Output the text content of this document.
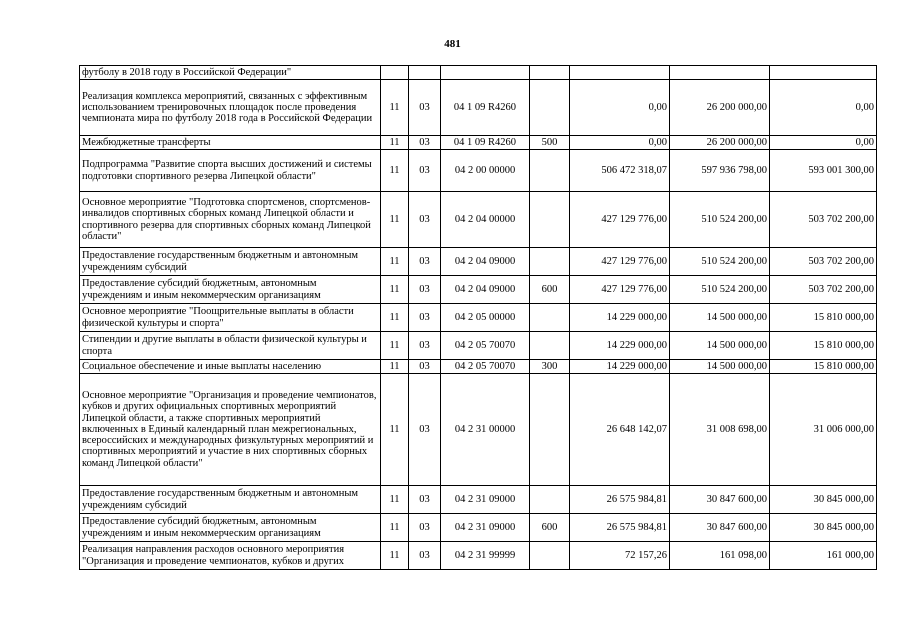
481
футболу в 2018 году в Российской Федерации"							
Реализация комплекса мероприятий, связанных с эффективным использованием тренировочных площадок после проведения чемпионата мира по футболу 2018 года в Российской Федерации	11	03	04 1 09 R4260		0,00	26 200 000,00	0,00
Межбюджетные трансферты	11	03	04 1 09 R4260	500	0,00	26 200 000,00	0,00
Подпрограмма "Развитие спорта высших достижений и системы подготовки спортивного резерва Липецкой области"	11	03	04 2 00 00000		506 472 318,07	597 936 798,00	593 001 300,00
Основное мероприятие "Подготовка спортсменов, спортсменов-инвалидов спортивных сборных команд Липецкой области и спортивного резерва для спортивных сборных команд Липецкой области"	11	03	04 2 04 00000		427 129 776,00	510 524 200,00	503 702 200,00
Предоставление государственным бюджетным и автономным учреждениям субсидий	11	03	04 2 04 09000		427 129 776,00	510 524 200,00	503 702 200,00
Предоставление субсидий бюджетным, автономным учреждениям и иным некоммерческим организациям	11	03	04 2 04 09000	600	427 129 776,00	510 524 200,00	503 702 200,00
Основное мероприятие "Поощрительные выплаты в области физической культуры и спорта"	11	03	04 2 05 00000		14 229 000,00	14 500 000,00	15 810 000,00
Стипендии и другие выплаты в области физической культуры и спорта	11	03	04 2 05 70070		14 229 000,00	14 500 000,00	15 810 000,00
Социальное обеспечение и иные выплаты населению	11	03	04 2 05 70070	300	14 229 000,00	14 500 000,00	15 810 000,00
Основное мероприятие "Организация и проведение чемпионатов, кубков и других официальных спортивных мероприятий Липецкой области, а также спортивных мероприятий включенных в Единый календарный план межрегиональных, всероссийских и международных физкультурных мероприятий и спортивных мероприятий и участие в них спортивных сборных команд Липецкой области"	11	03	04 2 31 00000		26 648 142,07	31 008 698,00	31 006 000,00
Предоставление государственным бюджетным и автономным учреждениям субсидий	11	03	04 2 31 09000		26 575 984,81	30 847 600,00	30 845 000,00
Предоставление субсидий бюджетным, автономным учреждениям и иным некоммерческим организациям	11	03	04 2 31 09000	600	26 575 984,81	30 847 600,00	30 845 000,00
Реализация направления расходов основного мероприятия "Организация и проведение чемпионатов, кубков и других	11	03	04 2 31 99999		72 157,26	161 098,00	161 000,00
